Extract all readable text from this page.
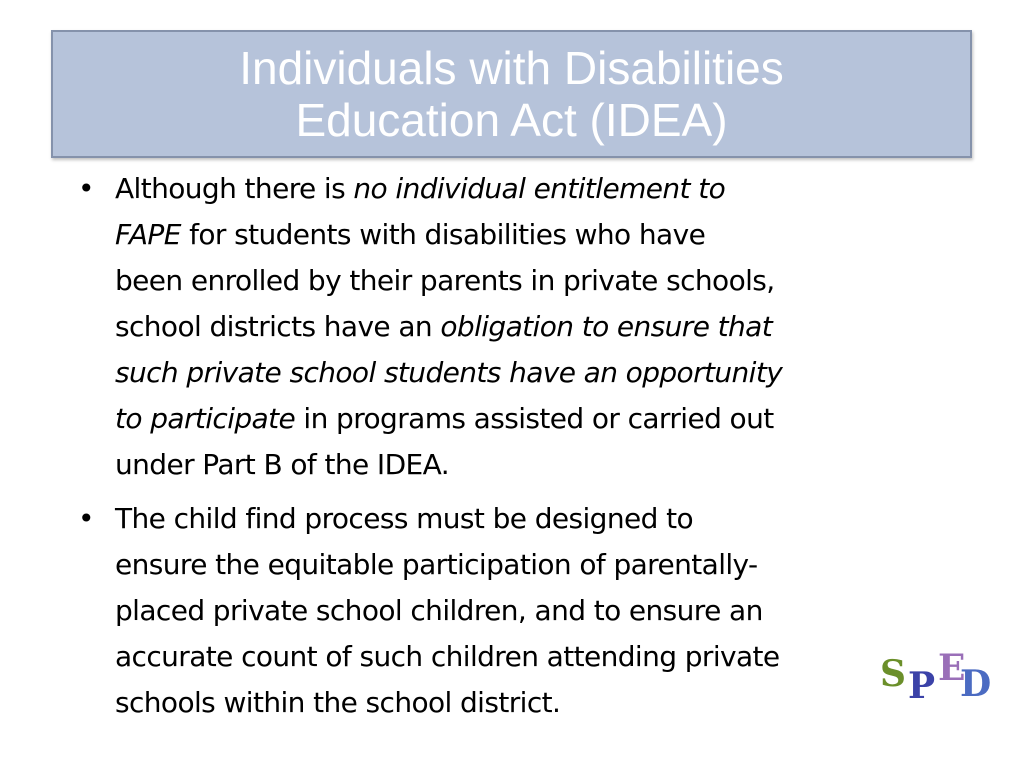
Individuals with Disabilities
Education Act (IDEA)
• Although there is no individual entitlement to
FAPE for students with disabilities who have
been enrolled by their parents in private schools,
school districts have an obligation to ensure that
such private school students have an opportunity
to participate in programs assisted or carried out
under Part B of the IDEA.
• The child find process must be designed to
ensure the equitable participation of parentally-
placed private school children, and to ensure an
accurate count of such children attending private
schools within the school district.
S P E
D
